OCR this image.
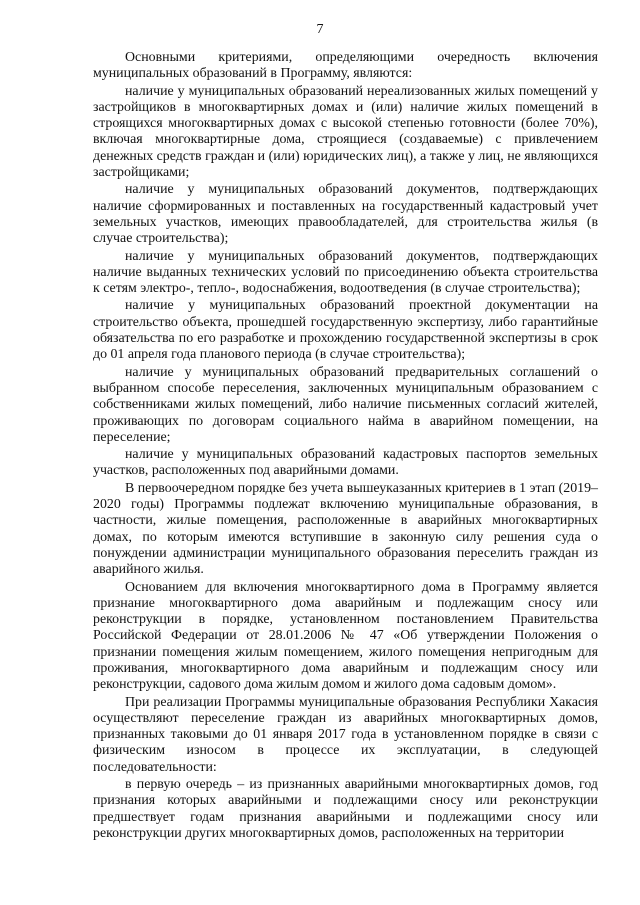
7

Основными критериями, определяющими очередность включения муниципальных образований в Программу, являются:

наличие у муниципальных образований нереализованных жилых помещений у застройщиков в многоквартирных домах и (или) наличие жилых помещений в строящихся многоквартирных домах с высокой степенью готовности (более 70%), включая многоквартирные дома, строящиеся (создаваемые) с привлечением денежных средств граждан и (или) юридических лиц), а также у лиц, не являющихся застройщиками;

наличие у муниципальных образований документов, подтверждающих наличие сформированных и поставленных на государственный кадастровый учет земельных участков, имеющих правообладателей, для строительства жилья (в случае строительства);

наличие у муниципальных образований документов, подтверждающих наличие выданных технических условий по присоединению объекта строительства к сетям электро-, тепло-, водоснабжения, водоотведения (в случае строительства);

наличие у муниципальных образований проектной документации на строительство объекта, прошедшей государственную экспертизу, либо гарантийные обязательства по его разработке и прохождению государственной экспертизы в срок до 01 апреля года планового периода (в случае строительства);

наличие у муниципальных образований предварительных соглашений о выбранном способе переселения, заключенных муниципальным образованием с собственниками жилых помещений, либо наличие письменных согласий жителей, проживающих по договорам социального найма в аварийном помещении, на переселение;

наличие у муниципальных образований кадастровых паспортов земельных участков, расположенных под аварийными домами.

В первоочередном порядке без учета вышеуказанных критериев в 1 этап (2019–2020 годы) Программы подлежат включению муниципальные образования, в частности, жилые помещения, расположенные в аварийных многоквартирных домах, по которым имеются вступившие в законную силу решения суда о понуждении администрации муниципального образования переселить граждан из аварийного жилья.

Основанием для включения многоквартирного дома в Программу является признание многоквартирного дома аварийным и подлежащим сносу или реконструкции в порядке, установленном постановлением Правительства Российской Федерации от 28.01.2006 № 47 «Об утверждении Положения о признании помещения жилым помещением, жилого помещения непригодным для проживания, многоквартирного дома аварийным и подлежащим сносу или реконструкции, садового дома жилым домом и жилого дома садовым домом».

При реализации Программы муниципальные образования Республики Хакасия осуществляют переселение граждан из аварийных многоквартирных домов, признанных таковыми до 01 января 2017 года в установленном порядке в связи с физическим износом в процессе их эксплуатации, в следующей последовательности:

в первую очередь – из признанных аварийными многоквартирных домов, год признания которых аварийными и подлежащими сносу или реконструкции предшествует годам признания аварийными и подлежащими сносу или реконструкции других многоквартирных домов, расположенных на территории
